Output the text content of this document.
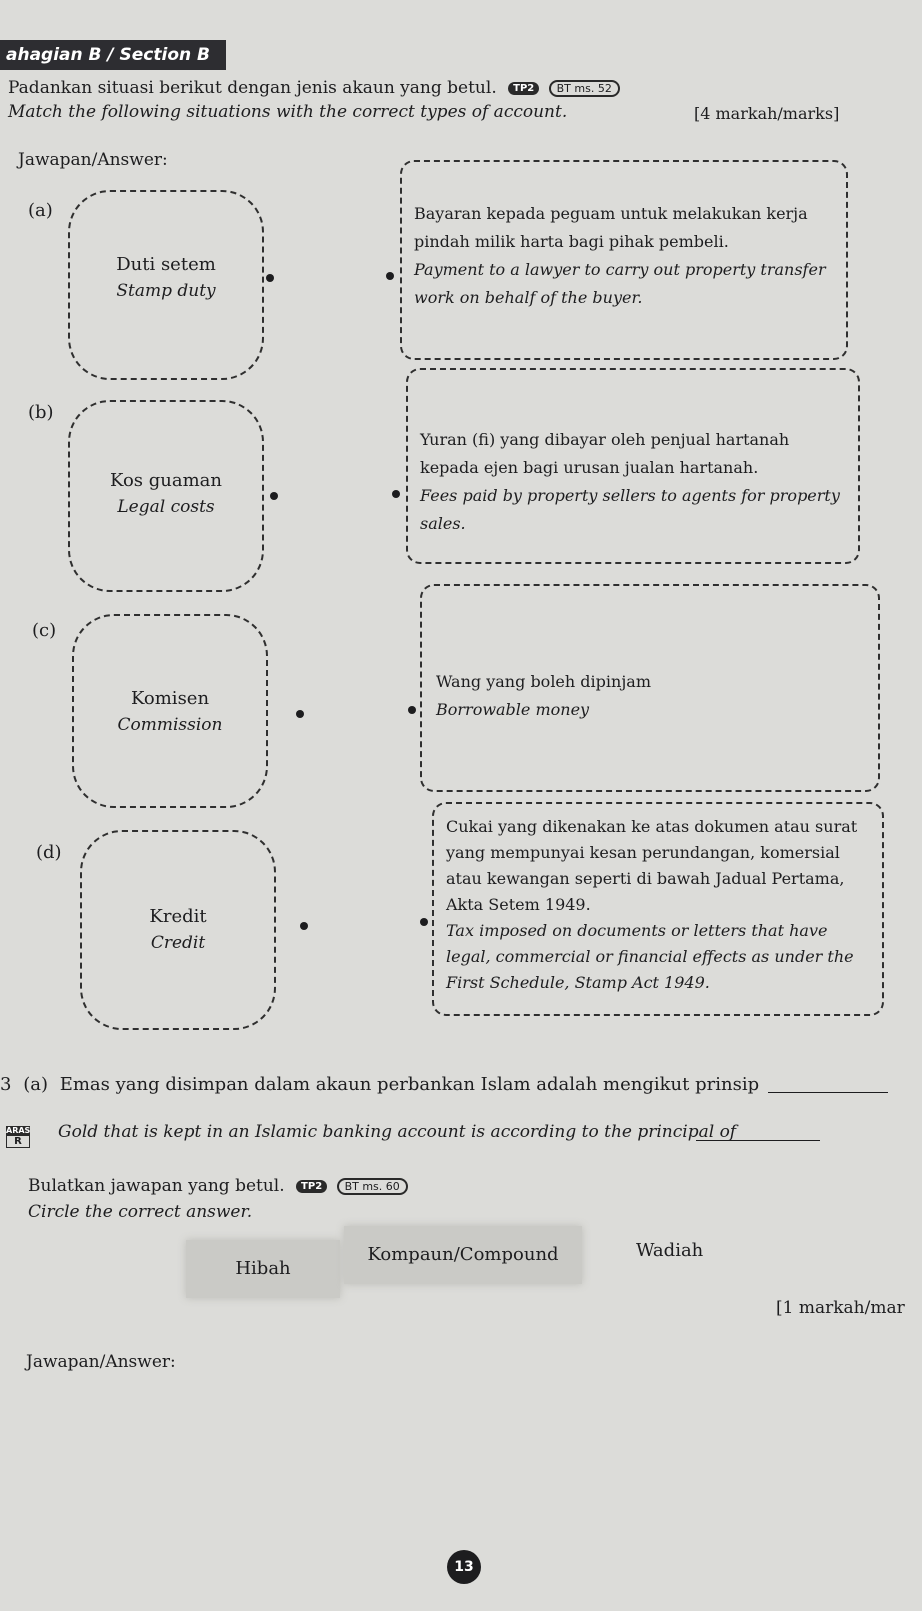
ahagian B / Section B
Padankan situasi berikut dengan jenis akaun yang betul. TP2 BT ms. 52
Match the following situations with the correct types of account.	[4 markah/marks]
Jawapan/Answer:
(a)
Duti setem
Stamp duty
Bayaran kepada peguam untuk melakukan kerja pindah milik harta bagi pihak pembeli.
Payment to a lawyer to carry out property transfer work on behalf of the buyer.
(b)
Kos guaman
Legal costs
Yuran (fi) yang dibayar oleh penjual hartanah kepada ejen bagi urusan jualan hartanah.
Fees paid by property sellers to agents for property sales.
(c)
Komisen
Commission
Wang yang boleh dipinjam
Borrowable money
(d)
Kredit
Credit
Cukai yang dikenakan ke atas dokumen atau surat yang mempunyai kesan perundangan, komersial atau kewangan seperti di bawah Jadual Pertama, Akta Setem 1949.
Tax imposed on documents or letters that have legal, commercial or financial effects as under the First Schedule, Stamp Act 1949.
3 (a) Emas yang disimpan dalam akaun perbankan Islam adalah mengikut prinsip
ARAS
R	Gold that is kept in an Islamic banking account is according to the principal of
Bulatkan jawapan yang betul. TP2 BT ms. 60
Circle the correct answer.
Hibah
Kompaun/Compound	Wadiah
[1 markah/mar
Jawapan/Answer:
13
